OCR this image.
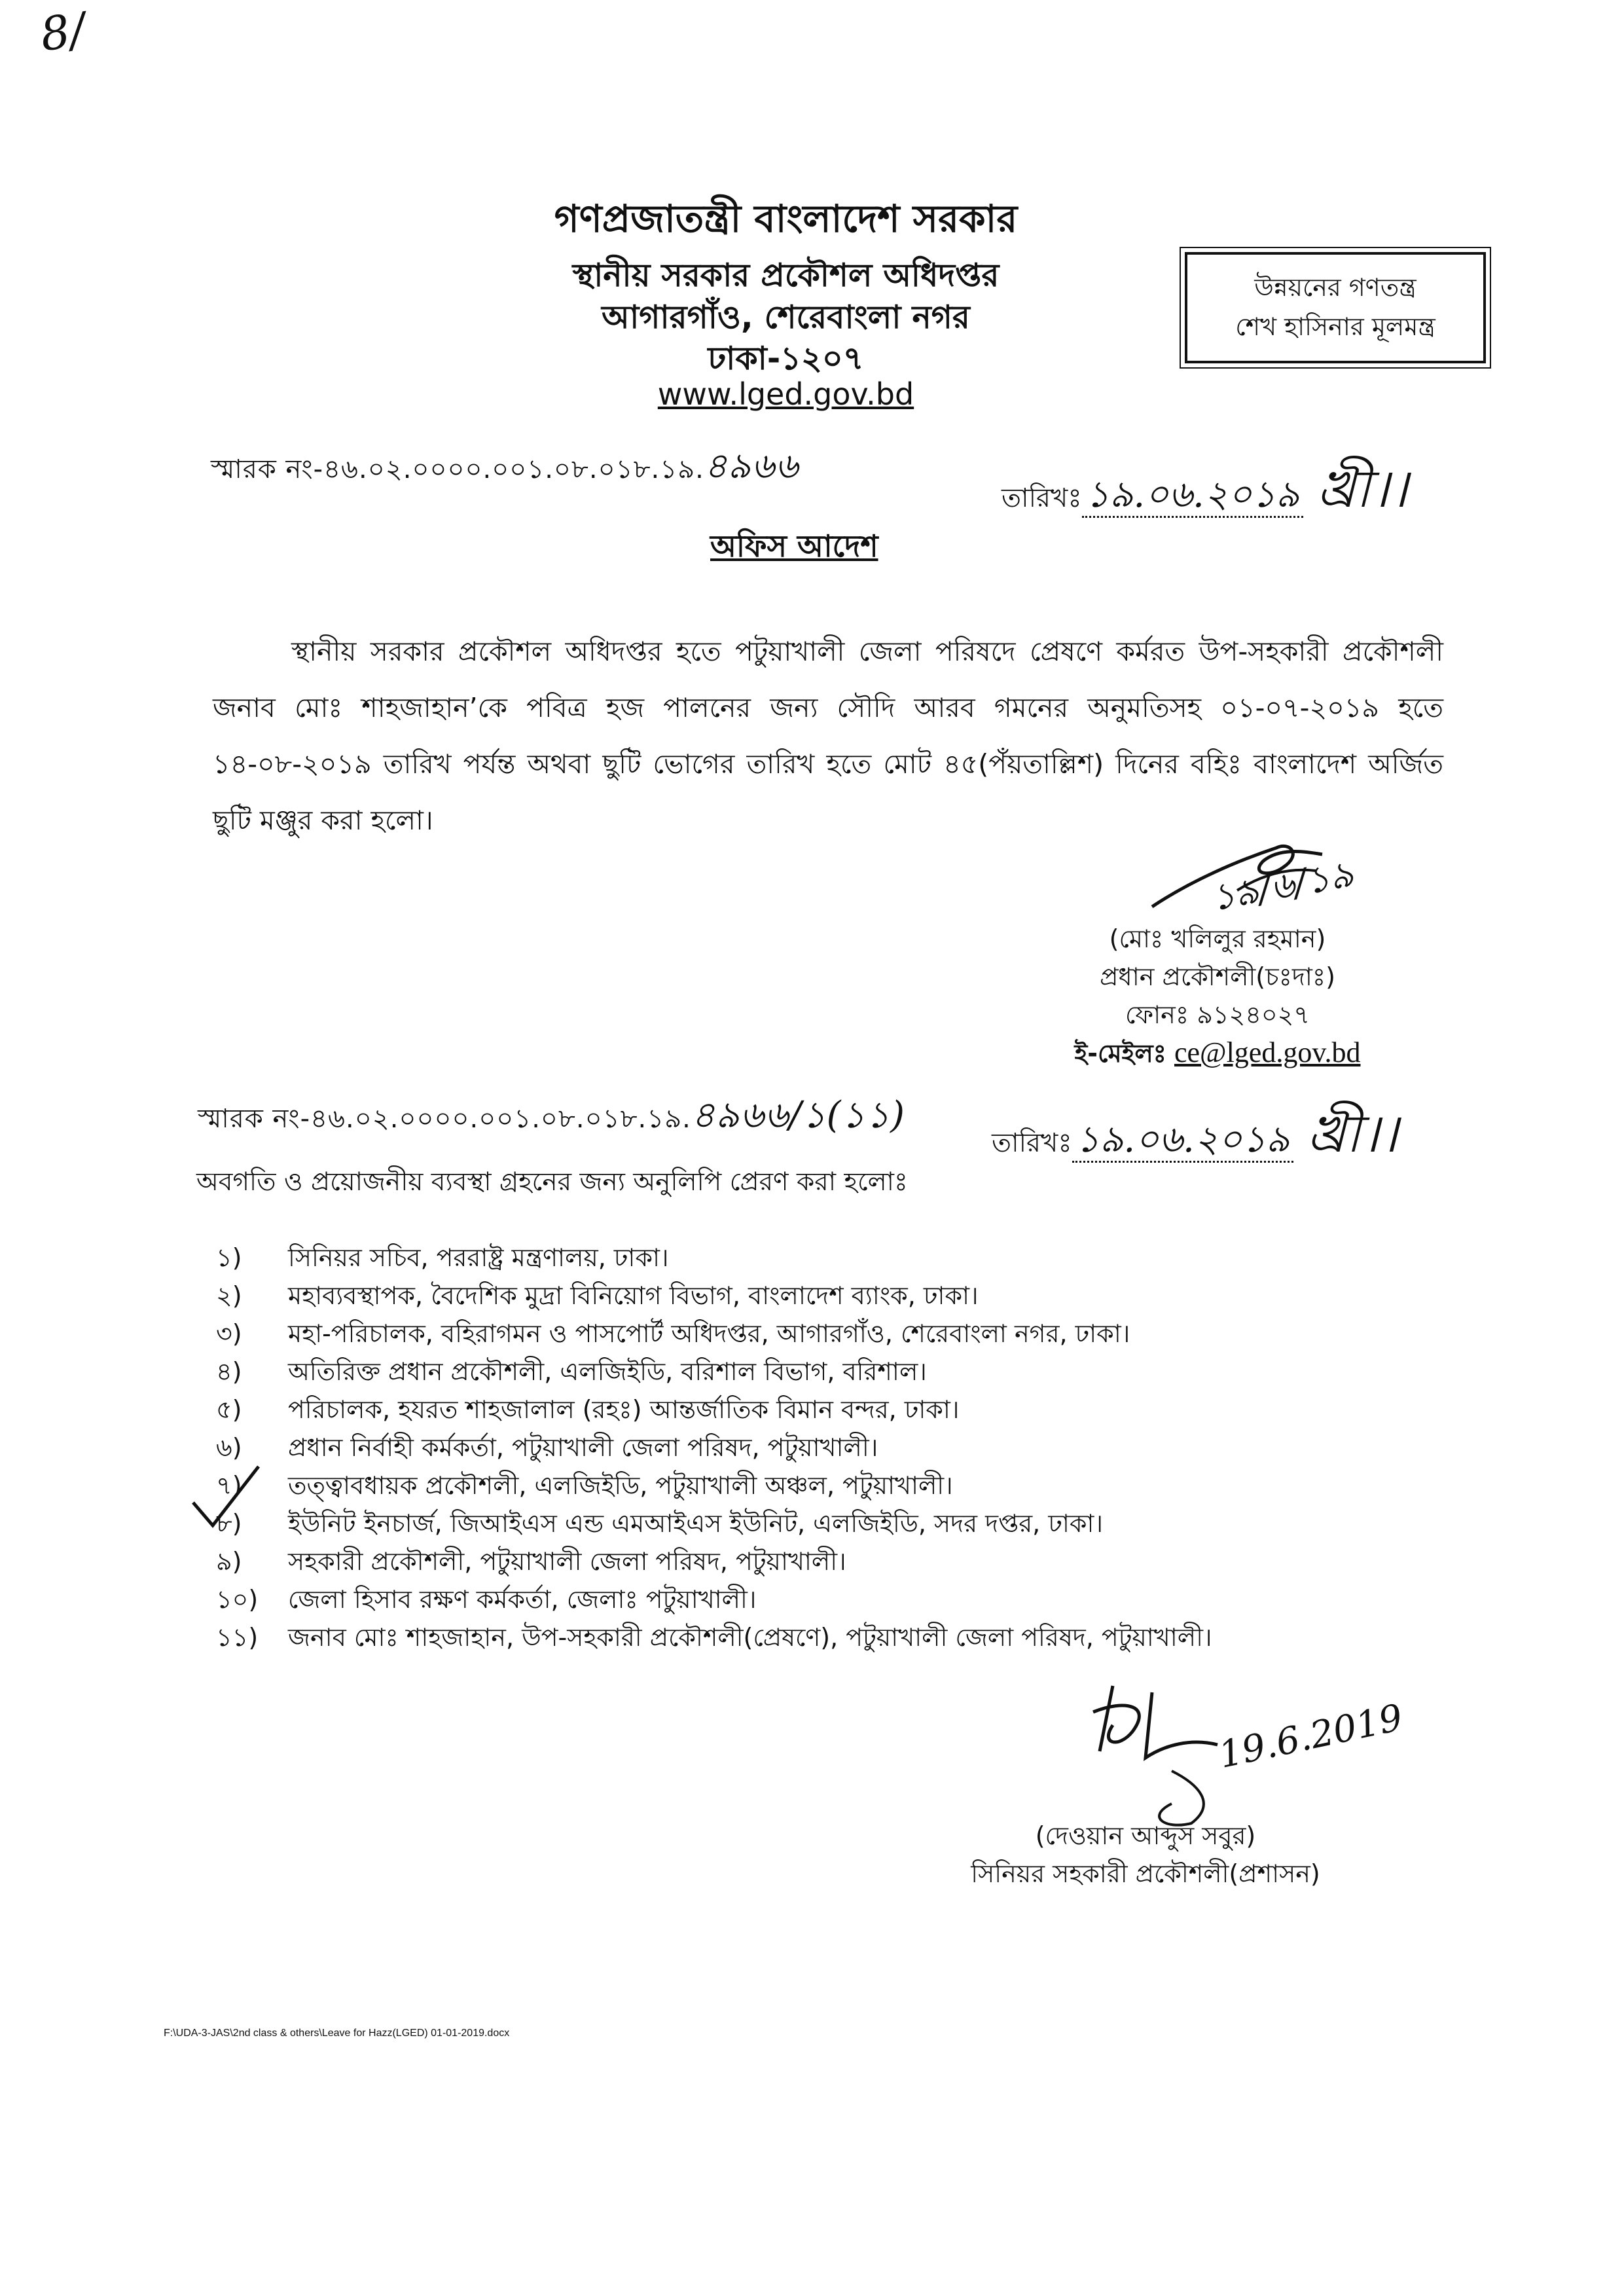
8/
গণপ্রজাতন্ত্রী বাংলাদেশ সরকার
স্থানীয় সরকার প্রকৌশল অধিদপ্তর
আগারগাঁও, শেরেবাংলা নগর
ঢাকা-১২০৭
www.lged.gov.bd
উন্নয়নের গণতন্ত্র
শেখ হাসিনার মূলমন্ত্র
স্মারক নং-৪৬.০২.০০০০.০০১.০৮.০১৮.১৯.৪৯৬৬
তারিখঃ ১৯.০৬.২০১৯ খ্রী।।
অফিস আদেশ
স্থানীয় সরকার প্রকৌশল অধিদপ্তর হতে পটুয়াখালী জেলা পরিষদে প্রেষণে কর্মরত উপ-সহকারী প্রকৌশলী জনাব মোঃ শাহজাহান’কে পবিত্র হজ পালনের জন্য সৌদি আরব গমনের অনুমতিসহ ০১-০৭-২০১৯ হতে ১৪-০৮-২০১৯ তারিখ পর্যন্ত অথবা ছুটি ভোগের তারিখ হতে মোট ৪৫(পঁয়তাল্লিশ) দিনের বহিঃ বাংলাদেশ অর্জিত ছুটি মঞ্জুর করা হলো।
১৯/৬/১৯
(মোঃ খলিলুর রহমান)
প্রধান প্রকৌশলী(চঃদাঃ)
ফোনঃ ৯১২৪০২৭
ই-মেইলঃ ce@lged.gov.bd
স্মারক নং-৪৬.০২.০০০০.০০১.০৮.০১৮.১৯.৪৯৬৬/১(১১)
তারিখঃ ১৯.০৬.২০১৯ খ্রী।।
অবগতি ও প্রয়োজনীয় ব্যবস্থা গ্রহনের জন্য অনুলিপি প্রেরণ করা হলোঃ
১)	সিনিয়র সচিব, পররাষ্ট্র মন্ত্রণালয়, ঢাকা।
২)	মহাব্যবস্থাপক, বৈদেশিক মুদ্রা বিনিয়োগ বিভাগ, বাংলাদেশ ব্যাংক, ঢাকা।
৩)	মহা-পরিচালক, বহিরাগমন ও পাসপোর্ট অধিদপ্তর, আগারগাঁও, শেরেবাংলা নগর, ঢাকা।
৪)	অতিরিক্ত প্রধান প্রকৌশলী, এলজিইডি, বরিশাল বিভাগ, বরিশাল।
৫)	পরিচালক, হযরত শাহজালাল (রহঃ) আন্তর্জাতিক বিমান বন্দর, ঢাকা।
৬)	প্রধান নির্বাহী কর্মকর্তা, পটুয়াখালী জেলা পরিষদ, পটুয়াখালী।
৭)	তত্ত্বাবধায়ক প্রকৌশলী, এলজিইডি, পটুয়াখালী অঞ্চল, পটুয়াখালী।
৮)	ইউনিট ইনচার্জ, জিআইএস এন্ড এমআইএস ইউনিট, এলজিইডি, সদর দপ্তর, ঢাকা।
৯)	সহকারী প্রকৌশলী, পটুয়াখালী জেলা পরিষদ, পটুয়াখালী।
১০)	জেলা হিসাব রক্ষণ কর্মকর্তা, জেলাঃ পটুয়াখালী।
১১)	জনাব মোঃ শাহজাহান, উপ-সহকারী প্রকৌশলী(প্রেষণে), পটুয়াখালী জেলা পরিষদ, পটুয়াখালী।
19.6.2019
(দেওয়ান আব্দুস সবুর)
সিনিয়র সহকারী প্রকৌশলী(প্রশাসন)
F:\UDA-3-JAS\2nd class & others\Leave for Hazz(LGED) 01-01-2019.docx
